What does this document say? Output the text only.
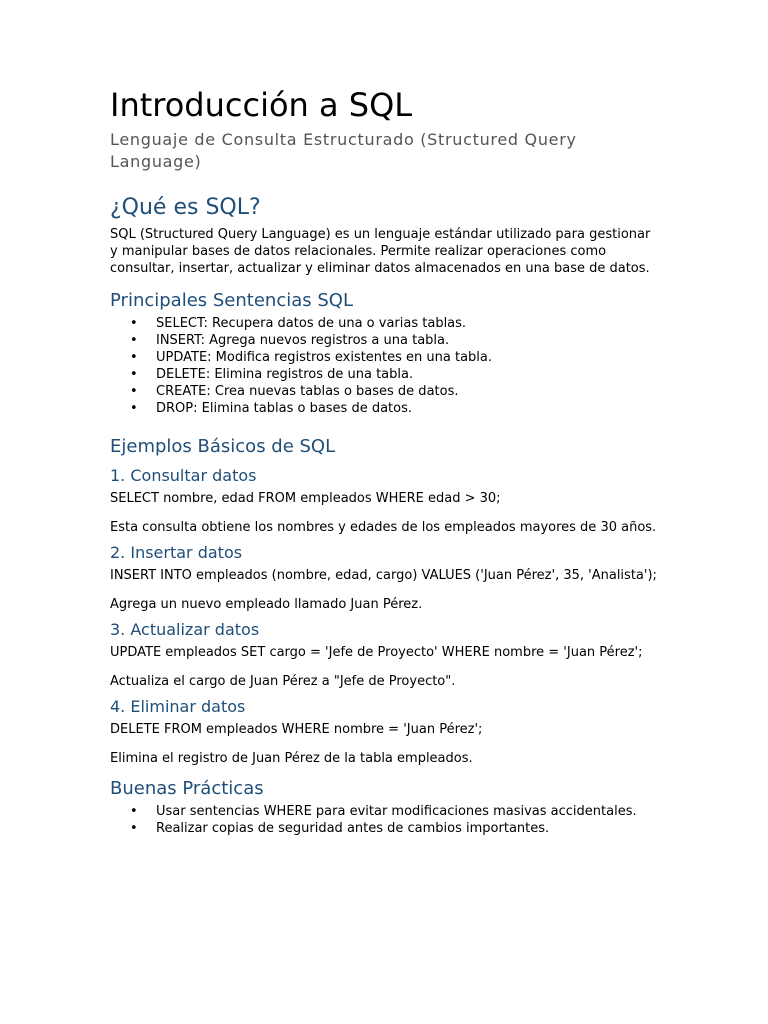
Introducción a SQL
Lenguaje de Consulta Estructurado (Structured Query Language)
¿Qué es SQL?

SQL (Structured Query Language) es un lenguaje estándar utilizado para gestionar y manipular bases de datos relacionales. Permite realizar operaciones como consultar, insertar, actualizar y eliminar datos almacenados en una base de datos.

Principales Sentencias SQL
• SELECT: Recupera datos de una o varias tablas.
• INSERT: Agrega nuevos registros a una tabla.
• UPDATE: Modifica registros existentes en una tabla.
• DELETE: Elimina registros de una tabla.
• CREATE: Crea nuevas tablas o bases de datos.
• DROP: Elimina tablas o bases de datos.
Ejemplos Básicos de SQL
1. Consultar datos

SELECT nombre, edad FROM empleados WHERE edad > 30;

Esta consulta obtiene los nombres y edades de los empleados mayores de 30 años.

2. Insertar datos

INSERT INTO empleados (nombre, edad, cargo) VALUES ('Juan Pérez', 35, 'Analista');

Agrega un nuevo empleado llamado Juan Pérez.

3. Actualizar datos

UPDATE empleados SET cargo = 'Jefe de Proyecto' WHERE nombre = 'Juan Pérez';

Actualiza el cargo de Juan Pérez a "Jefe de Proyecto".

4. Eliminar datos

DELETE FROM empleados WHERE nombre = 'Juan Pérez';

Elimina el registro de Juan Pérez de la tabla empleados.

Buenas Prácticas
• Usar sentencias WHERE para evitar modificaciones masivas accidentales.
• Realizar copias de seguridad antes de cambios importantes.
